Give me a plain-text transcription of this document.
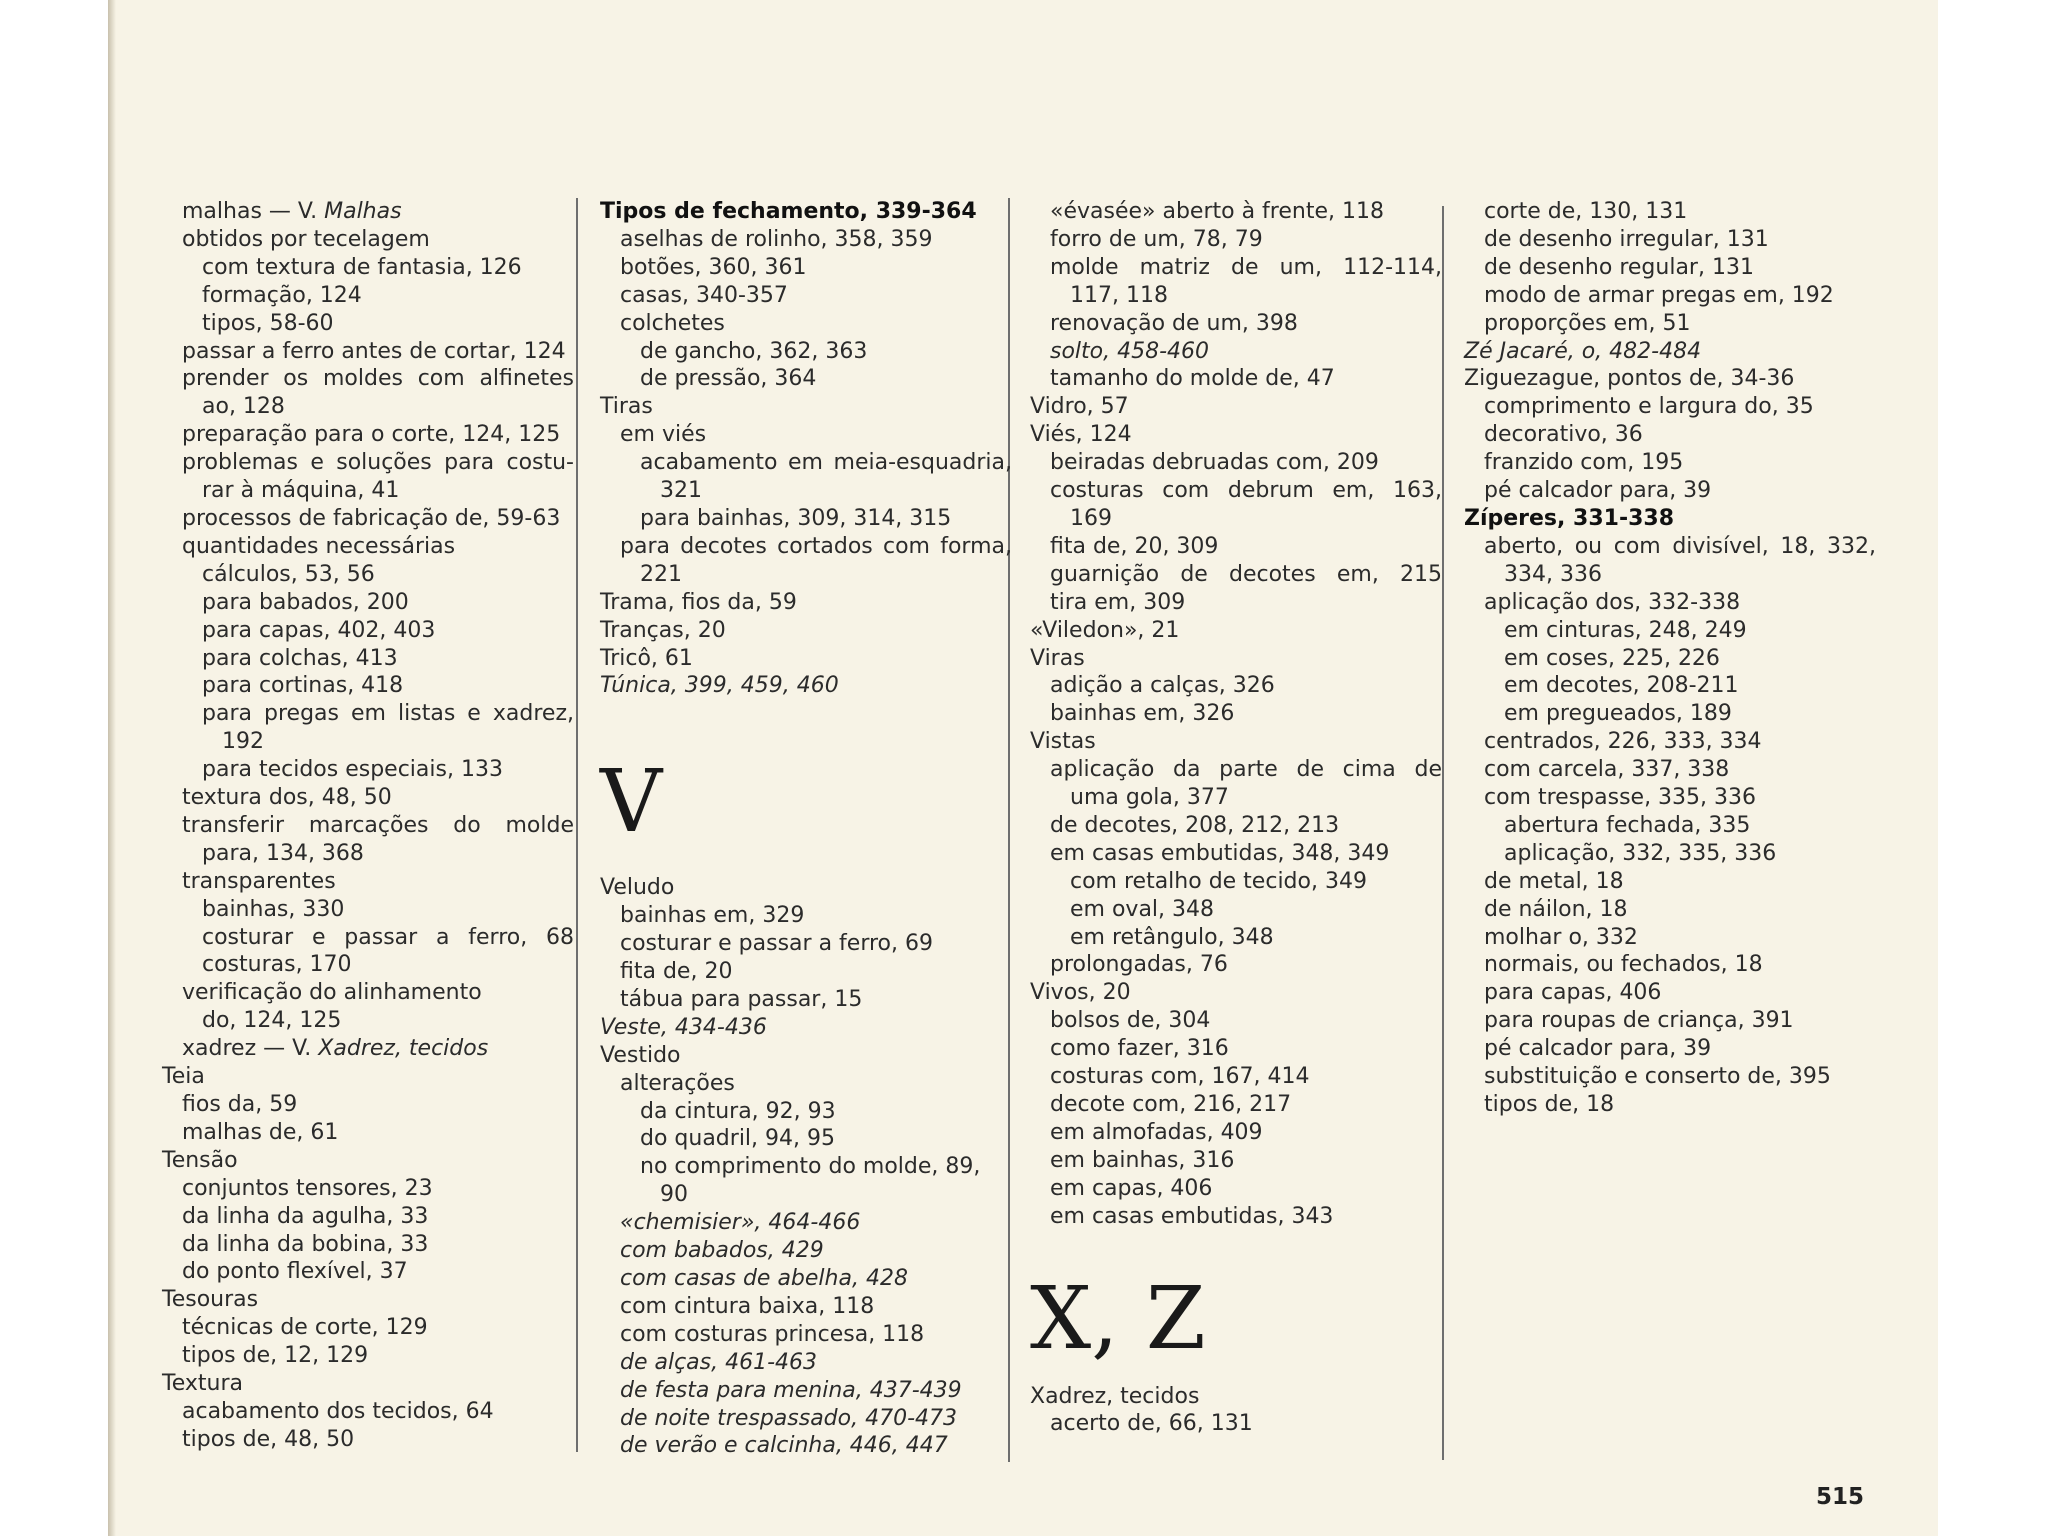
malhas — V. Malhas
obtidos por tecelagem
com textura de fantasia, 126
formação, 124
tipos, 58-60
passar a ferro antes de cortar, 124
prender os moldes com alfinetes
ao, 128
preparação para o corte, 124, 125
problemas e soluções para costu-
rar à máquina, 41
processos de fabricação de, 59-63
quantidades necessárias
cálculos, 53, 56
para babados, 200
para capas, 402, 403
para colchas, 413
para cortinas, 418
para pregas em listas e xadrez,
192
para tecidos especiais, 133
textura dos, 48, 50
transferir marcações do molde
para, 134, 368
transparentes
bainhas, 330
costurar e passar a ferro, 68
costuras, 170
verificação do alinhamento
do, 124, 125
xadrez — V. Xadrez, tecidos
Teia
fios da, 59
malhas de, 61
Tensão
conjuntos tensores, 23
da linha da agulha, 33
da linha da bobina, 33
do ponto flexível, 37
Tesouras
técnicas de corte, 129
tipos de, 12, 129
Textura
acabamento dos tecidos, 64
tipos de, 48, 50
Tipos de fechamento, 339-364
aselhas de rolinho, 358, 359
botões, 360, 361
casas, 340-357
colchetes
de gancho, 362, 363
de pressão, 364
Tiras
em viés
acabamento em meia-esquadria,
321
para bainhas, 309, 314, 315
para decotes cortados com forma,
221
Trama, fios da, 59
Tranças, 20
Tricô, 61
Túnica, 399, 459, 460
V
Veludo
bainhas em, 329
costurar e passar a ferro, 69
fita de, 20
tábua para passar, 15
Veste, 434-436
Vestido
alterações
da cintura, 92, 93
do quadril, 94, 95
no comprimento do molde, 89,
90
«chemisier», 464-466
com babados, 429
com casas de abelha, 428
com cintura baixa, 118
com costuras princesa, 118
de alças, 461-463
de festa para menina, 437-439
de noite trespassado, 470-473
de verão e calcinha, 446, 447
«évasée» aberto à frente, 118
forro de um, 78, 79
molde matriz de um, 112-114,
117, 118
renovação de um, 398
solto, 458-460
tamanho do molde de, 47
Vidro, 57
Viés, 124
beiradas debruadas com, 209
costuras com debrum em, 163,
169
fita de, 20, 309
guarnição de decotes em, 215
tira em, 309
«Viledon», 21
Viras
adição a calças, 326
bainhas em, 326
Vistas
aplicação da parte de cima de
uma gola, 377
de decotes, 208, 212, 213
em casas embutidas, 348, 349
com retalho de tecido, 349
em oval, 348
em retângulo, 348
prolongadas, 76
Vivos, 20
bolsos de, 304
como fazer, 316
costuras com, 167, 414
decote com, 216, 217
em almofadas, 409
em bainhas, 316
em capas, 406
em casas embutidas, 343
X, Z
Xadrez, tecidos
acerto de, 66, 131
corte de, 130, 131
de desenho irregular, 131
de desenho regular, 131
modo de armar pregas em, 192
proporções em, 51
Zé Jacaré, o, 482-484
Ziguezague, pontos de, 34-36
comprimento e largura do, 35
decorativo, 36
franzido com, 195
pé calcador para, 39
Zíperes, 331-338
aberto, ou com divisível, 18, 332,
334, 336
aplicação dos, 332-338
em cinturas, 248, 249
em coses, 225, 226
em decotes, 208-211
em pregueados, 189
centrados, 226, 333, 334
com carcela, 337, 338
com trespasse, 335, 336
abertura fechada, 335
aplicação, 332, 335, 336
de metal, 18
de náilon, 18
molhar o, 332
normais, ou fechados, 18
para capas, 406
para roupas de criança, 391
pé calcador para, 39
substituição e conserto de, 395
tipos de, 18
515
